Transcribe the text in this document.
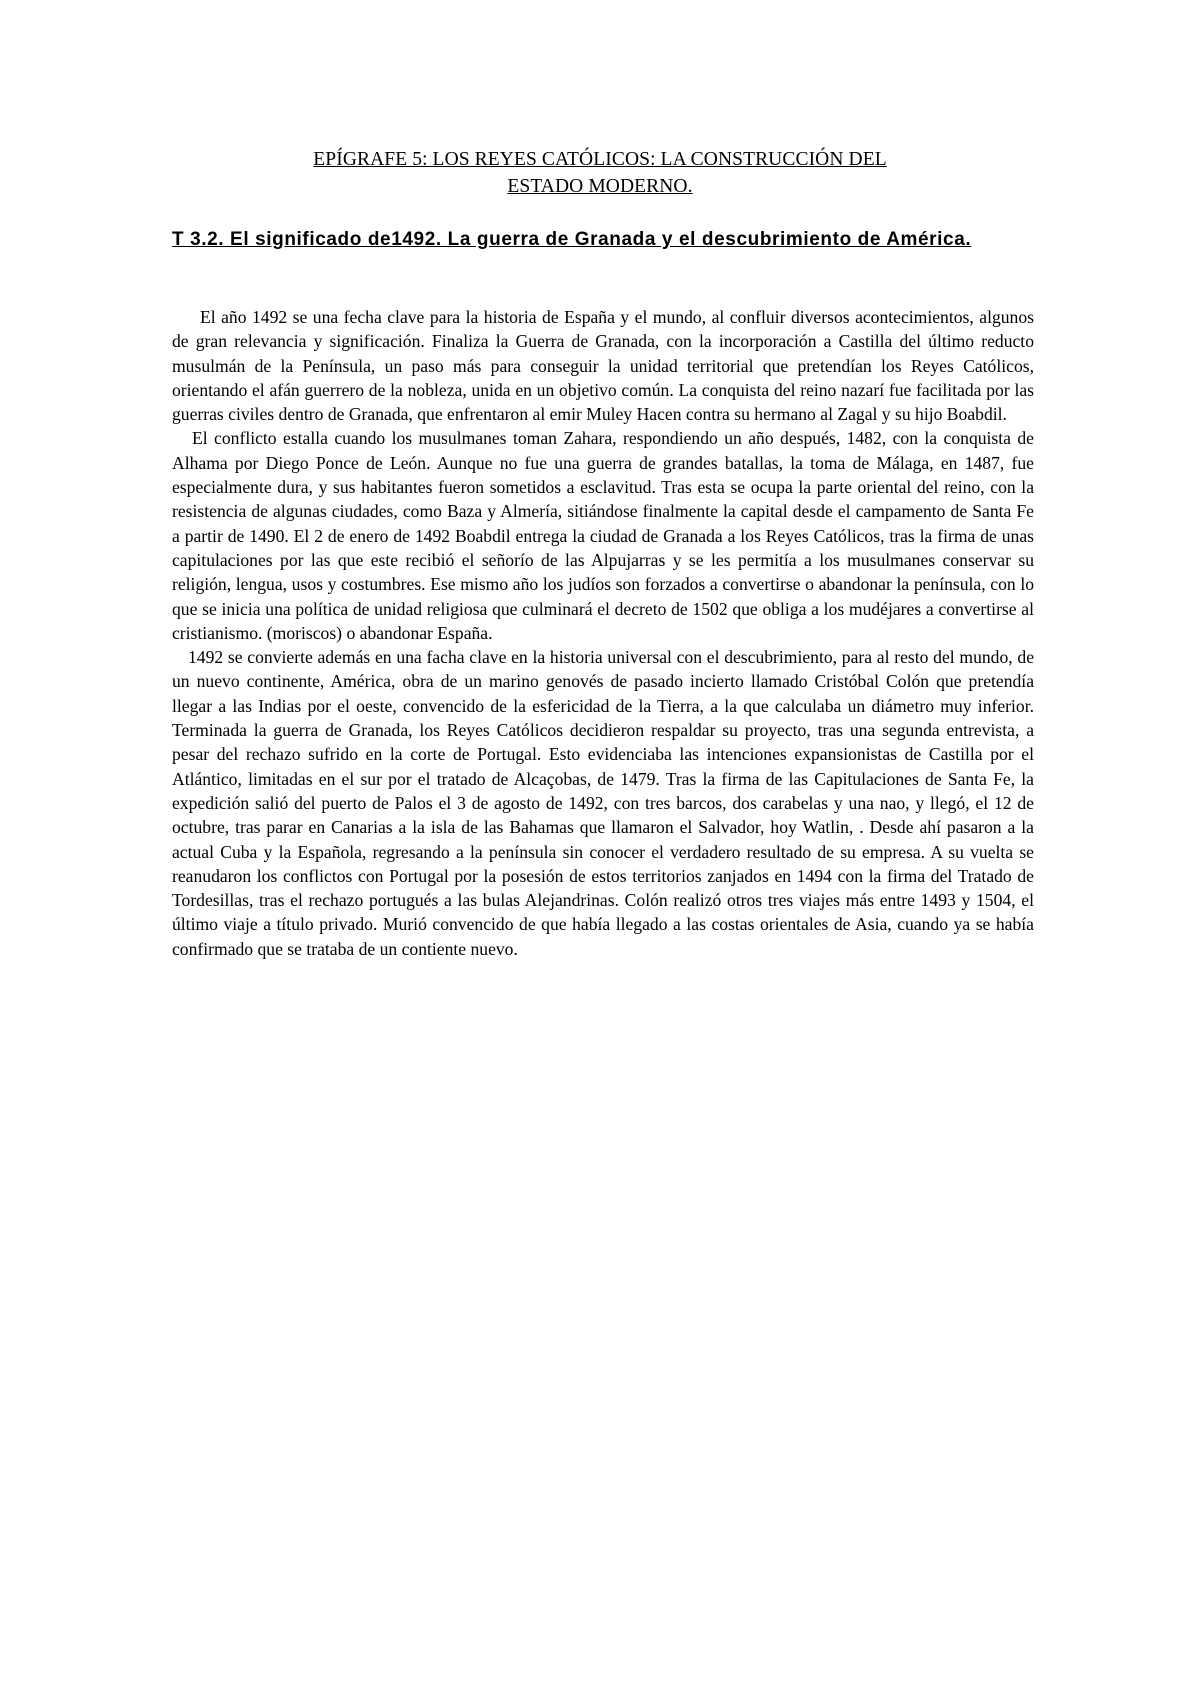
EPÍGRAFE 5: LOS REYES CATÓLICOS: LA CONSTRUCCIÓN DEL
ESTADO MODERNO.
T 3.2. El significado de1492. La guerra de Granada y el descubrimiento de América.

El año 1492 se una fecha clave para la historia de España y el mundo, al confluir diversos acontecimientos, algunos de gran relevancia y significación. Finaliza la Guerra de Granada, con la incorporación a Castilla del último reducto musulmán de la Península, un paso más para conseguir la unidad territorial que pretendían los Reyes Católicos, orientando el afán guerrero de la nobleza, unida en un objetivo común. La conquista del reino nazarí fue facilitada por las guerras civiles dentro de Granada, que enfrentaron al emir Muley Hacen contra su hermano al Zagal y su hijo Boabdil.

El conflicto estalla cuando los musulmanes toman Zahara, respondiendo un año después, 1482, con la conquista de Alhama por Diego Ponce de León. Aunque no fue una guerra de grandes batallas, la toma de Málaga, en 1487, fue especialmente dura, y sus habitantes fueron sometidos a esclavitud. Tras esta se ocupa la parte oriental del reino, con la resistencia de algunas ciudades, como Baza y Almería, sitiándose finalmente la capital desde el campamento de Santa Fe a partir de 1490. El 2 de enero de 1492 Boabdil entrega la ciudad de Granada a los Reyes Católicos, tras la firma de unas capitulaciones por las que este recibió el señorío de las Alpujarras y se les permitía a los musulmanes conservar su religión, lengua, usos y costumbres. Ese mismo año los judíos son forzados a convertirse o abandonar la península, con lo que se inicia una política de unidad religiosa que culminará el decreto de 1502 que obliga a los mudéjares a convertirse al cristianismo. (moriscos) o abandonar España.

1492 se convierte además en una facha clave en la historia universal con el descubrimiento, para al resto del mundo, de un nuevo continente, América, obra de un marino genovés de pasado incierto llamado Cristóbal Colón que pretendía llegar a las Indias por el oeste, convencido de la esfericidad de la Tierra, a la que calculaba un diámetro muy inferior. Terminada la guerra de Granada, los Reyes Católicos decidieron respaldar su proyecto, tras una segunda entrevista, a pesar del rechazo sufrido en la corte de Portugal. Esto evidenciaba las intenciones expansionistas de Castilla por el Atlántico, limitadas en el sur por el tratado de Alcaçobas, de 1479. Tras la firma de las Capitulaciones de Santa Fe, la expedición salió del puerto de Palos el 3 de agosto de 1492, con tres barcos, dos carabelas y una nao, y llegó, el 12 de octubre, tras parar en Canarias a la isla de las Bahamas que llamaron el Salvador, hoy Watlin, . Desde ahí pasaron a la actual Cuba y la Española, regresando a la península sin conocer el verdadero resultado de su empresa. A su vuelta se reanudaron los conflictos con Portugal por la posesión de estos territorios zanjados en 1494 con la firma del Tratado de Tordesillas, tras el rechazo portugués a las bulas Alejandrinas. Colón realizó otros tres viajes más entre 1493 y 1504, el último viaje a título privado. Murió convencido de que había llegado a las costas orientales de Asia, cuando ya se había confirmado que se trataba de un contiente nuevo.
